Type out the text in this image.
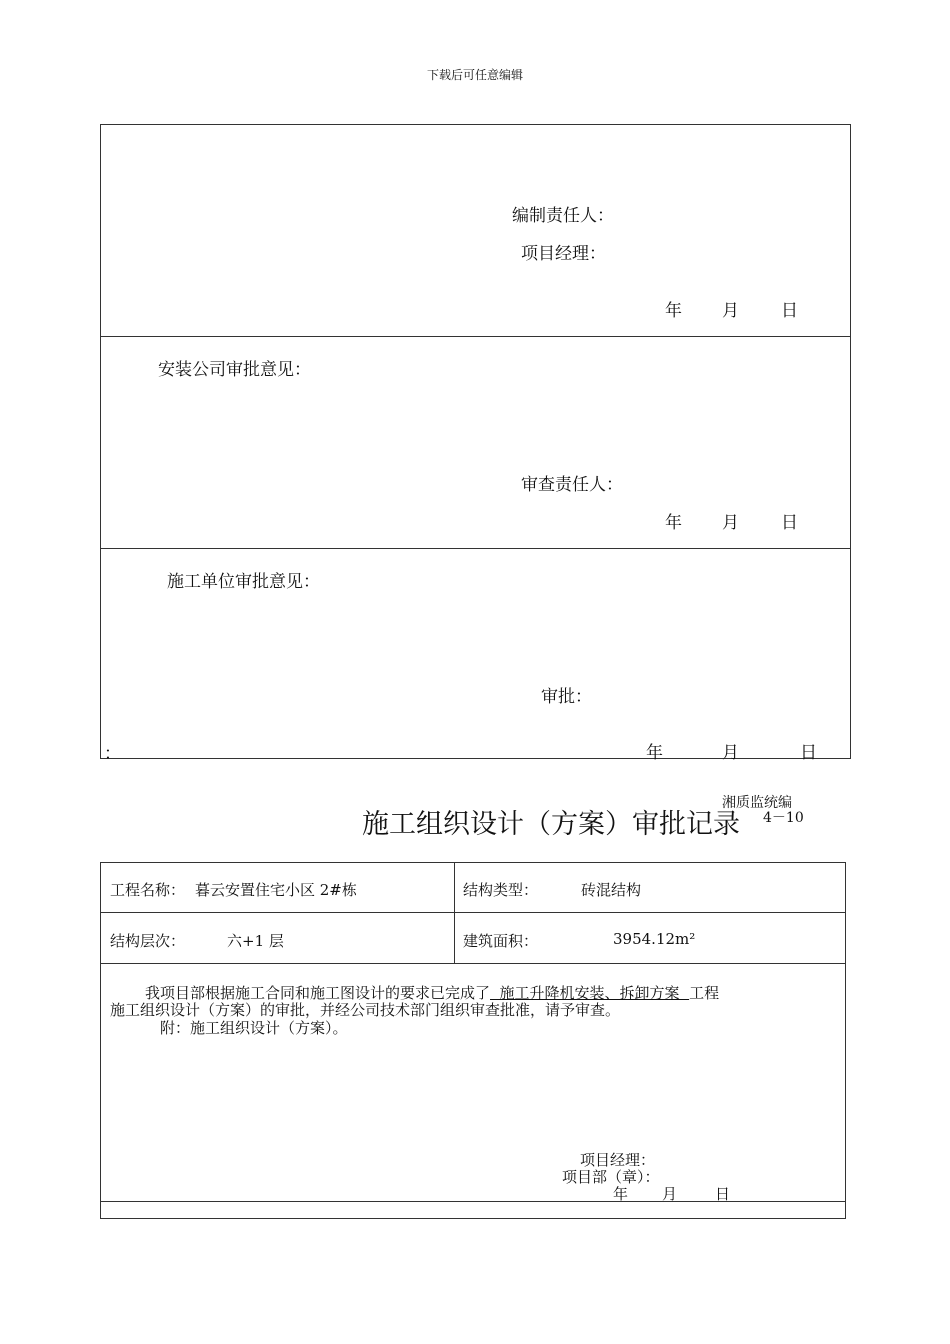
下载后可任意编辑
编制责任人：
项目经理：
年 月 日
安装公司审批意见：
审查责任人：
年 月 日
施工单位审批意见：
审批：
：	年	月	日
湘质监统编
施工组织设计（方案）审批记录 4－10
工程名称： 暮云安置住宅小区 2#栋	结构类型：	砖混结构
结构层次：	六+1 层	建筑面积：	3954.12m²
我项目部根据施工合同和施工图设计的要求已完成了  施工升降机安装、拆卸方案  工程
施工组织设计（方案）的审批，并经公司技术部门组织审查批准，请予审查。
附：施工组织设计（方案）。
项目经理：
项目部（章）：
年 月	日
